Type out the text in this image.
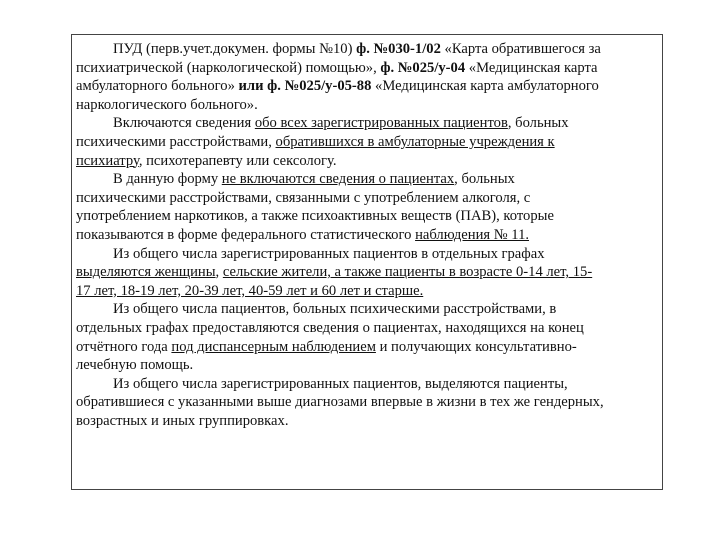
ПУД (перв.учет.докумен. формы №10) ф. №030-1/02 «Карта обратившегося за
психиатрической (наркологической) помощью», ф. №025/у-04 «Медицинская карта
амбулаторного больного» или ф. №025/у-05-88 «Медицинская карта амбулаторного
наркологического больного».
Включаются сведения обо всех зарегистрированных пациентов, больных
психическими расстройствами, обратившихся в амбулаторные учреждения к
психиатру, психотерапевту или сексологу.
В данную форму не включаются сведения о пациентах, больных
психическими расстройствами, связанными с употреблением алкоголя, с
употреблением наркотиков, а также психоактивных веществ (ПАВ), которые
показываются в форме федерального статистического наблюдения № 11.
Из общего числа зарегистрированных пациентов в отдельных графах
выделяются женщины, сельские жители, а также пациенты в возрасте 0-14 лет, 15-
17 лет, 18-19 лет, 20-39 лет, 40-59 лет и 60 лет и старше.
Из общего числа пациентов, больных психическими расстройствами, в
отдельных графах предоставляются сведения о пациентах, находящихся на конец
отчётного года под диспансерным наблюдением и получающих консультативно-
лечебную помощь.
Из общего числа зарегистрированных пациентов, выделяются пациенты,
обратившиеся с указанными выше диагнозами впервые в жизни в тех же гендерных,
возрастных и иных группировках.
